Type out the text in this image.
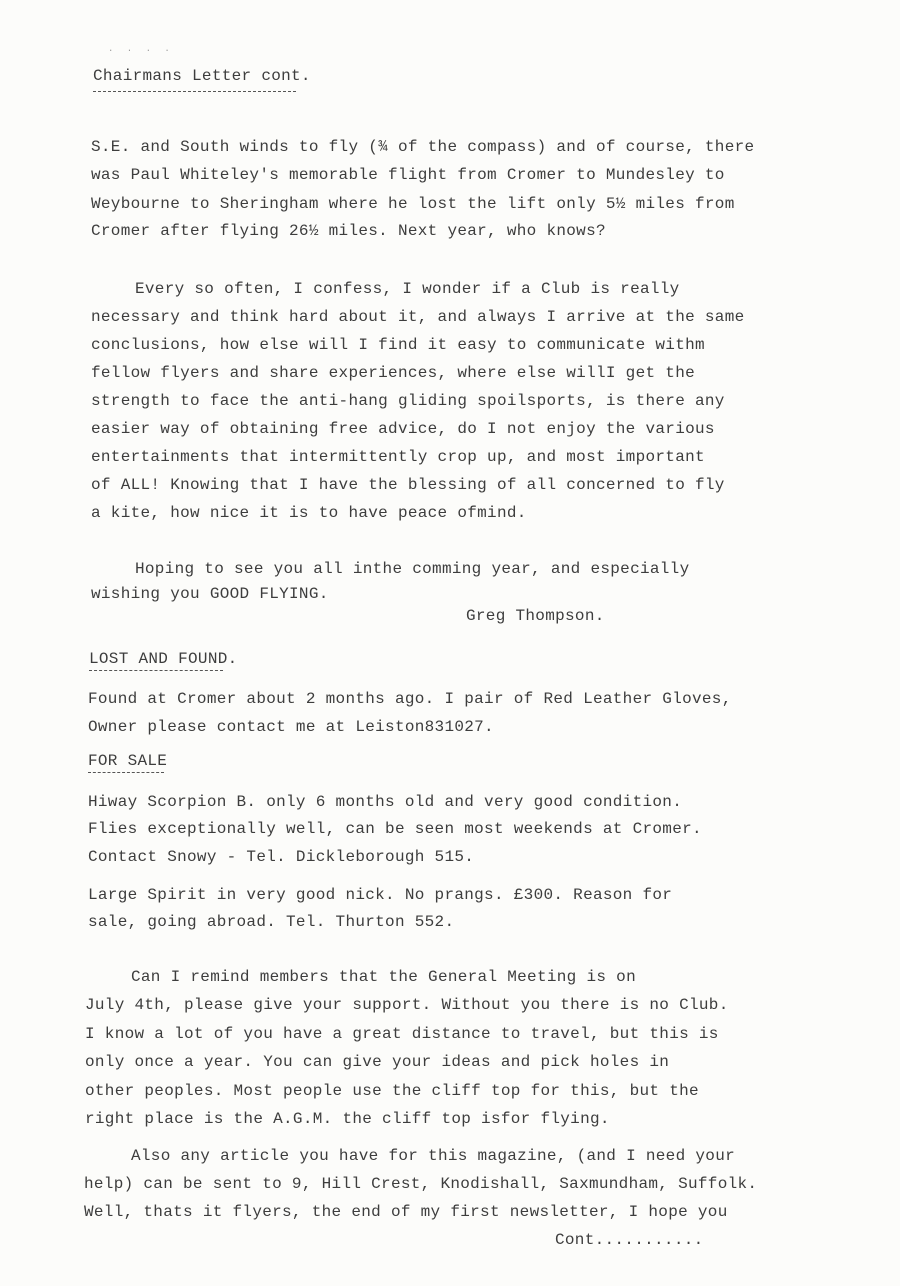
· · · ·
Chairmans Letter cont.
S.E. and South winds to fly (¾ of the compass) and of course, there
was Paul Whiteley's memorable flight from Cromer to Mundesley to
Weybourne to Sheringham where he lost the lift only 5½ miles from
Cromer after flying 26½ miles. Next year, who knows?
Every so often, I confess, I wonder if a Club is really
necessary and think hard about it, and always I arrive at the same
conclusions, how else will I find it easy to communicate withm
fellow flyers and share experiences, where else willI get the
strength to face the anti-hang gliding spoilsports, is there any
easier way of obtaining free advice, do I not enjoy the various
entertainments that intermittently crop up, and most important
of ALL! Knowing that I have the blessing of all concerned to fly
a kite, how nice it is to have peace ofmind.
Hoping to see you all inthe comming year, and especially
wishing you GOOD FLYING.
Greg Thompson.
LOST AND FOUND.
Found at Cromer about 2 months ago. I pair of Red Leather Gloves,
Owner please contact me at Leiston831027.
FOR SALE
Hiway Scorpion B. only 6 months old and very good condition.
Flies exceptionally well, can be seen most weekends at Cromer.
Contact Snowy - Tel. Dickleborough 515.
Large Spirit in very good nick. No prangs. £300. Reason for
sale, going abroad. Tel. Thurton 552.
Can I remind members that the General Meeting is on
July 4th, please give your support. Without you there is no Club.
I know a lot of you have a great distance to travel, but this is
only once a year. You can give your ideas and pick holes in
other peoples. Most people use the cliff top for this, but the
right place is the A.G.M. the cliff top isfor flying.
Also any article you have for this magazine, (and I need your
help) can be sent to 9, Hill Crest, Knodishall, Saxmundham, Suffolk.
Well, thats it flyers, the end of my first newsletter, I hope you
Cont...........
